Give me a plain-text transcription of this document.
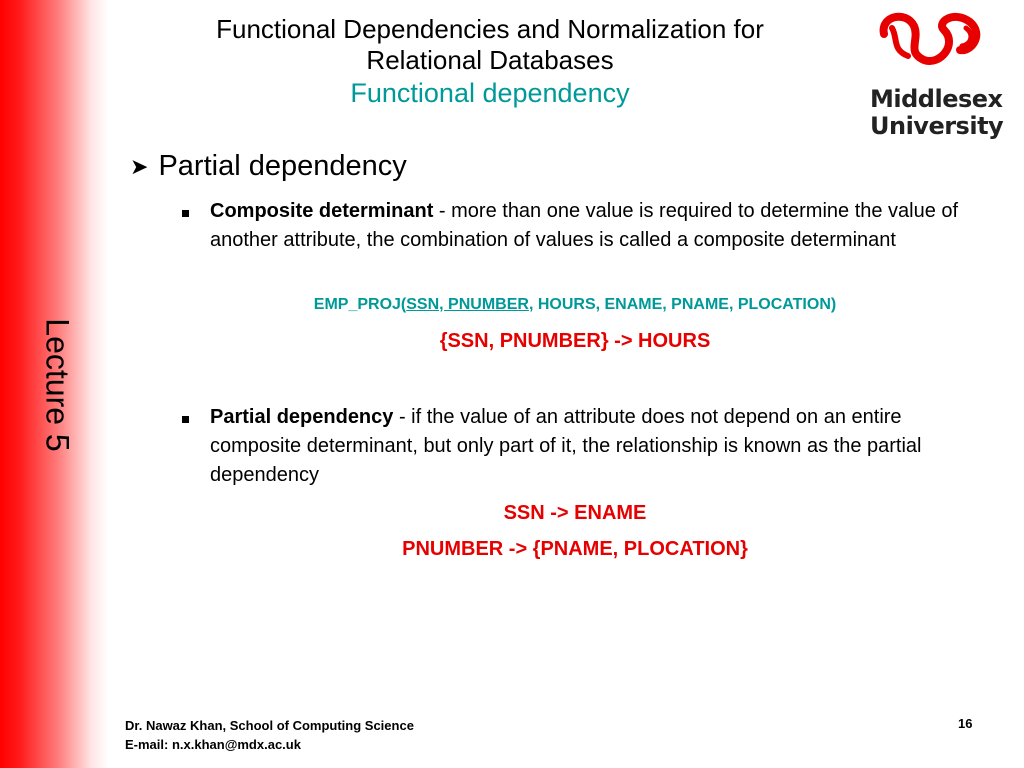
Lecture 5
Functional Dependencies and Normalization for
Relational Databases
Functional dependency	Middlesex
University
➤ Partial dependency
Composite determinant - more than one value is required to determine the value of another attribute, the combination of values is called a composite determinant
EMP_PROJ(SSN, PNUMBER, HOURS, ENAME, PNAME, PLOCATION)
{SSN, PNUMBER} -> HOURS
Partial dependency - if the value of an attribute does not depend on an entire composite determinant, but only part of it, the relationship is known as the partial dependency
SSN -> ENAME
PNUMBER -> {PNAME, PLOCATION}
Dr. Nawaz Khan, School of Computing Science
E-mail: n.x.khan@mdx.ac.uk
16
